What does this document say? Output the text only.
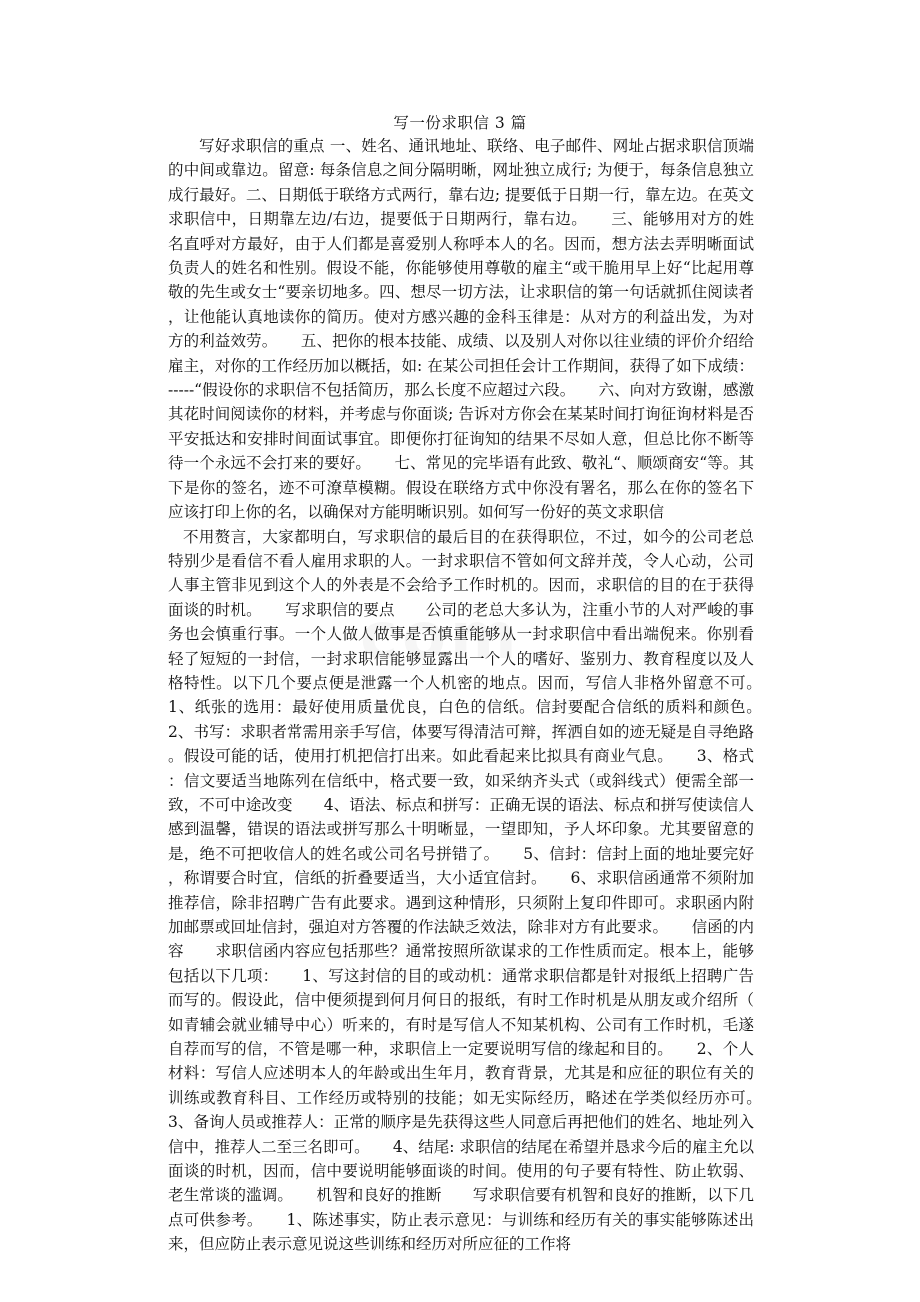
写一份求职信 3 篇

写好求职信的重点 一、姓名、通讯地址、联络、电子邮件、网址占据求职信顶端的中间或靠边。留意: 每条信息之间分隔明晰，网址独立成行; 为便于，每条信息独立成行最好。二、日期低于联络方式两行，靠右边; 提要低于日期一行，靠左边。在英文求职信中，日期靠左边/右边，提要低于日期两行，靠右边。　　三、能够用对方的姓名直呼对方最好，由于人们都是喜爱别人称呼本人的名。因而，想方法去弄明晰面试负责人的姓名和性别。假设不能，你能够使用尊敬的雇主“或干脆用早上好“比起用尊敬的先生或女士“要亲切地多。四、想尽一切方法，让求职信的第一句话就抓住阅读者，让他能认真地读你的简历。使对方感兴趣的金科玉律是：从对方的利益出发，为对方的利益效劳。　　五、把你的根本技能、成绩、以及别人对你以往业绩的评价介绍给雇主，对你的工作经历加以概括，如: 在某公司担任会计工作期间，获得了如下成绩：-----“假设你的求职信不包括简历，那么长度不应超过六段。　　六、向对方致谢，感激其花时间阅读你的材料，并考虑与你面谈; 告诉对方你会在某某时间打询征询材料是否平安抵达和安排时间面试事宜。即便你打征询知的结果不尽如人意，但总比你不断等待一个永远不会打来的要好。　　七、常见的完毕语有此致、敬礼“、顺颂商安“等。其下是你的签名，迹不可潦草模糊。假设在联络方式中你没有署名，那么在你的签名下应该打印上你的名，以确保对方能明晰识别。如何写一份好的英文求职信

不用赘言，大家都明白，写求职信的最后目的在获得职位，不过，如今的公司老总特别少是看信不看人雇用求职的人。一封求职信不管如何文辞并茂，令人心动，公司人事主管非见到这个人的外表是不会给予工作时机的。因而，求职信的目的在于获得面谈的时机。　　写求职信的要点　　公司的老总大多认为，注重小节的人对严峻的事务也会慎重行事。一个人做人做事是否慎重能够从一封求职信中看出端倪来。你别看轻了短短的一封信，一封求职信能够显露出一个人的嗜好、鉴别力、教育程度以及人格特性。以下几个要点便是泄露一个人机密的地点。因而，写信人非格外留意不可。　　1、纸张的选用：最好使用质量优良，白色的信纸。信封要配合信纸的质料和颜色。　　2、书写：求职者常需用亲手写信，体要写得清洁可辩，挥洒自如的迹无疑是自寻绝路。假设可能的话，使用打机把信打出来。如此看起来比拟具有商业气息。　　3、格式：信文要适当地陈列在信纸中，格式要一致，如采纳齐头式（或斜线式）便需全部一致，不可中途改变　　4、语法、标点和拼写：正确无误的语法、标点和拼写使读信人感到温馨，错误的语法或拼写那么十明晰显，一望即知，予人坏印象。尤其要留意的是，绝不可把收信人的姓名或公司名号拼错了。　　5、信封：信封上面的地址要完好，称谓要合时宜，信纸的折叠要适当，大小适宜信封。　　6、求职信函通常不须附加推荐信，除非招聘广告有此要求。遇到这种情形，只须附上复印件即可。求职函内附加邮票或回址信封，强迫对方答覆的作法缺乏效法，除非对方有此要求。　　信函的内容　　求职信函内容应包括那些？通常按照所欲谋求的工作性质而定。根本上，能够包括以下几项：　　1、写这封信的目的或动机：通常求职信都是针对报纸上招聘广告而写的。假设此，信中便须提到何月何日的报纸，有时工作时机是从朋友或介绍所（如青辅会就业辅导中心）听来的，有时是写信人不知某机构、公司有工作时机，毛遂自荐而写的信，不管是哪一种，求职信上一定要说明写信的缘起和目的。　　2、个人材料：写信人应述明本人的年龄或出生年月，教育背景，尤其是和应征的职位有关的训练或教育科目、工作经历或特别的技能；如无实际经历，略述在学类似经历亦可。　　3、备询人员或推荐人：正常的顺序是先获得这些人同意后再把他们的姓名、地址列入信中，推荐人二至三名即可。　　4、结尾: 求职信的结尾在希望并恳求今后的雇主允以面谈的时机，因而，信中要说明能够面谈的时间。使用的句子要有特性、防止软弱、老生常谈的滥调。　　机智和良好的推断　　写求职信要有机智和良好的推断，以下几点可供参考。　　1、陈述事实，防止表示意见：与训练和经历有关的事实能够陈述出来，但应防止表示意见说这些训练和经历对所应征的工作将
